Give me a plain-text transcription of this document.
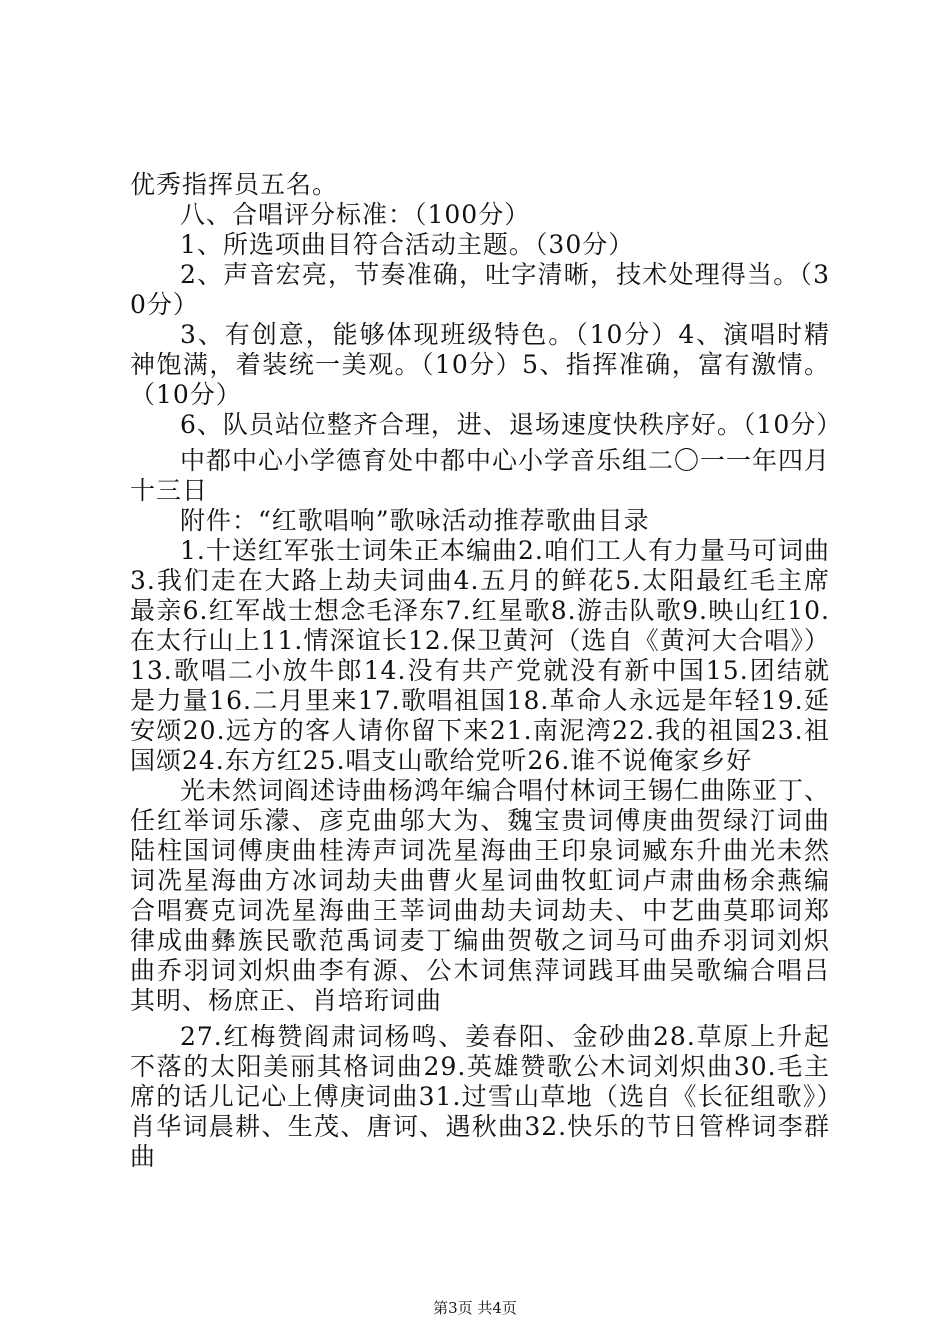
优秀指挥员五名。

八、合唱评分标准：（100分）

1、所选项曲目符合活动主题。（30分）

2、声音宏亮，节奏准确，吐字清晰，技术处理得当。（30分）

3、有创意，能够体现班级特色。（10分）4、演唱时精神饱满，着装统一美观。（10分）5、指挥准确，富有激情。（10分）

6、队员站位整齐合理，进、退场速度快秩序好。（10分）

中都中心小学德育处中都中心小学音乐组二〇一一年四月十三日

附件：“红歌唱响”歌咏活动推荐歌曲目录

1.十送红军张士词朱正本编曲2.咱们工人有力量马可词曲3.我们走在大路上劫夫词曲4.五月的鲜花5.太阳最红毛主席最亲6.红军战士想念毛泽东7.红星歌8.游击队歌9.映山红10.在太行山上11.情深谊长12.保卫黄河（选自《黄河大合唱》）13.歌唱二小放牛郎14.没有共产党就没有新中国15.团结就是力量16.二月里来17.歌唱祖国18.革命人永远是年轻19.延安颂20.远方的客人请你留下来21.南泥湾22.我的祖国23.祖国颂24.东方红25.唱支山歌给党听26.谁不说俺家乡好

光未然词阎述诗曲杨鸿年编合唱付林词王锡仁曲陈亚丁、任红举词乐濛、彦克曲邬大为、魏宝贵词傅庚曲贺绿汀词曲陆柱国词傅庚曲桂涛声词冼星海曲王印泉词臧东升曲光未然词冼星海曲方冰词劫夫曲曹火星词曲牧虹词卢肃曲杨余燕编合唱赛克词冼星海曲王莘词曲劫夫词劫夫、中艺曲莫耶词郑律成曲彝族民歌范禹词麦丁编曲贺敬之词马可曲乔羽词刘炽曲乔羽词刘炽曲李有源、公木词焦萍词践耳曲吴歌编合唱吕其明、杨庶正、肖培珩词曲

27.红梅赞阎肃词杨鸣、姜春阳、金砂曲28.草原上升起不落的太阳美丽其格词曲29.英雄赞歌公木词刘炽曲30.毛主席的话儿记心上傅庚词曲31.过雪山草地（选自《长征组歌》）肖华词晨耕、生茂、唐诃、遇秋曲32.快乐的节日管桦词李群曲

第3页 共4页
